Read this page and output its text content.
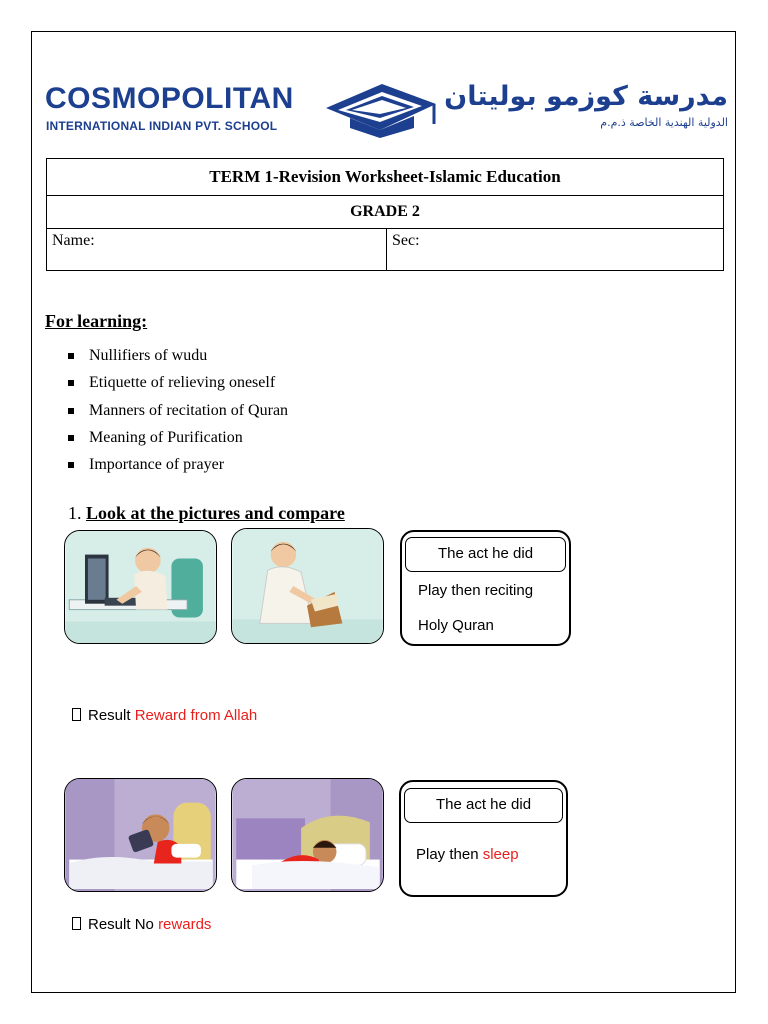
COSMOPOLITAN
INTERNATIONAL INDIAN PVT. SCHOOL
مدرسة كوزمو بوليتان
الدولية الهندية الخاصة ذ.م.م
TERM 1-Revision Worksheet-Islamic Education
GRADE 2
Name:	Sec:
For learning:
Nullifiers of wudu
Etiquette of relieving oneself
Manners of recitation of Quran
Meaning of Purification
Importance of prayer
1. Look at the pictures and compare
The act he did
Play then reciting
Holy Quran
Result Reward from Allah
The act he did
Play then sleep
Result No rewards
